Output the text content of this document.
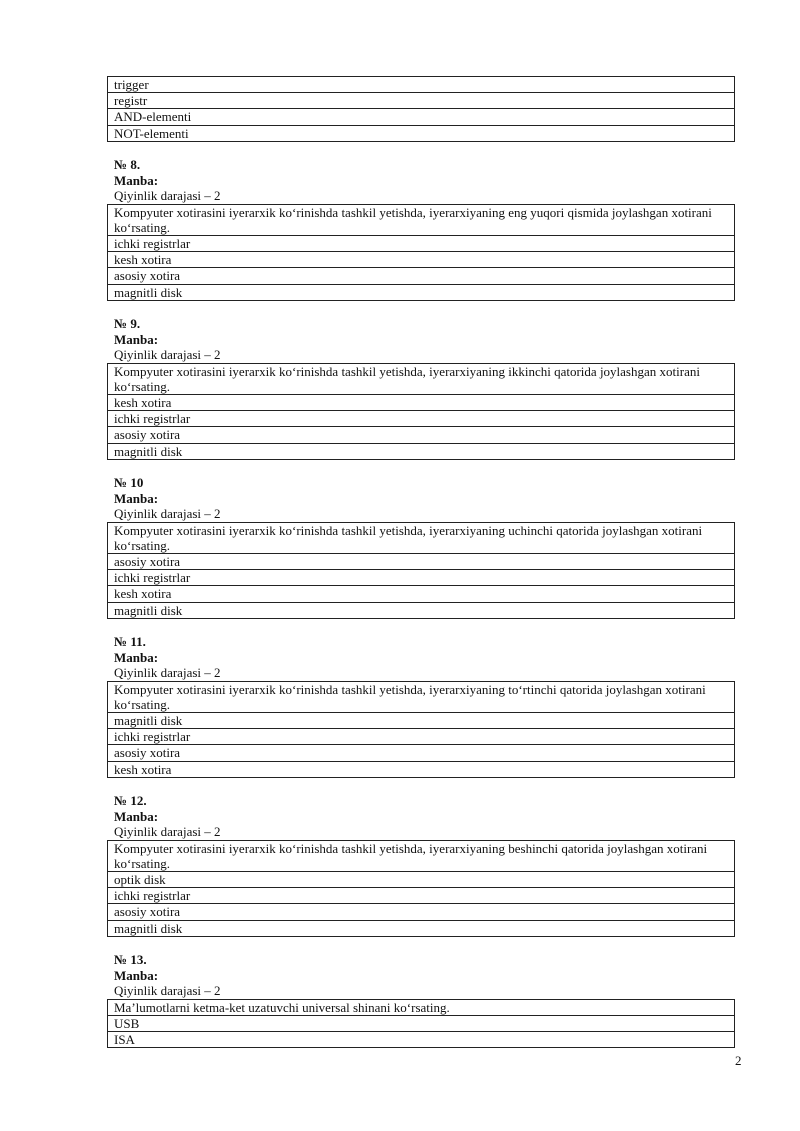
trigger
registr
AND-elementi
NOT-elementi
№ 8.
Manba:
Qiyinlik darajasi – 2
Kompyuter xotirasini iyerarxik ko‘rinishda tashkil yetishda, iyerarxiyaning eng yuqori qismida joylashgan xotirani ko‘rsating.
ichki registrlar
kesh xotira
asosiy xotira
magnitli disk
№ 9.
Manba:
Qiyinlik darajasi – 2
Kompyuter xotirasini iyerarxik ko‘rinishda tashkil yetishda, iyerarxiyaning ikkinchi qatorida joylashgan xotirani ko‘rsating.
kesh xotira
ichki registrlar
asosiy xotira
magnitli disk
№ 10
Manba:
Qiyinlik darajasi – 2
Kompyuter xotirasini iyerarxik ko‘rinishda tashkil yetishda, iyerarxiyaning uchinchi qatorida joylashgan xotirani ko‘rsating.
asosiy xotira
ichki registrlar
kesh xotira
magnitli disk
№ 11.
Manba:
Qiyinlik darajasi – 2
Kompyuter xotirasini iyerarxik ko‘rinishda tashkil yetishda, iyerarxiyaning to‘rtinchi qatorida joylashgan xotirani ko‘rsating.
magnitli disk
ichki registrlar
asosiy xotira
kesh xotira
№ 12.
Manba:
Qiyinlik darajasi – 2
Kompyuter xotirasini iyerarxik ko‘rinishda tashkil yetishda, iyerarxiyaning beshinchi qatorida joylashgan xotirani ko‘rsating.
optik disk
ichki registrlar
asosiy xotira
magnitli disk
№ 13.
Manba:
Qiyinlik darajasi – 2
Ma’lumotlarni ketma-ket uzatuvchi universal shinani ko‘rsating.
USB
ISA
2
